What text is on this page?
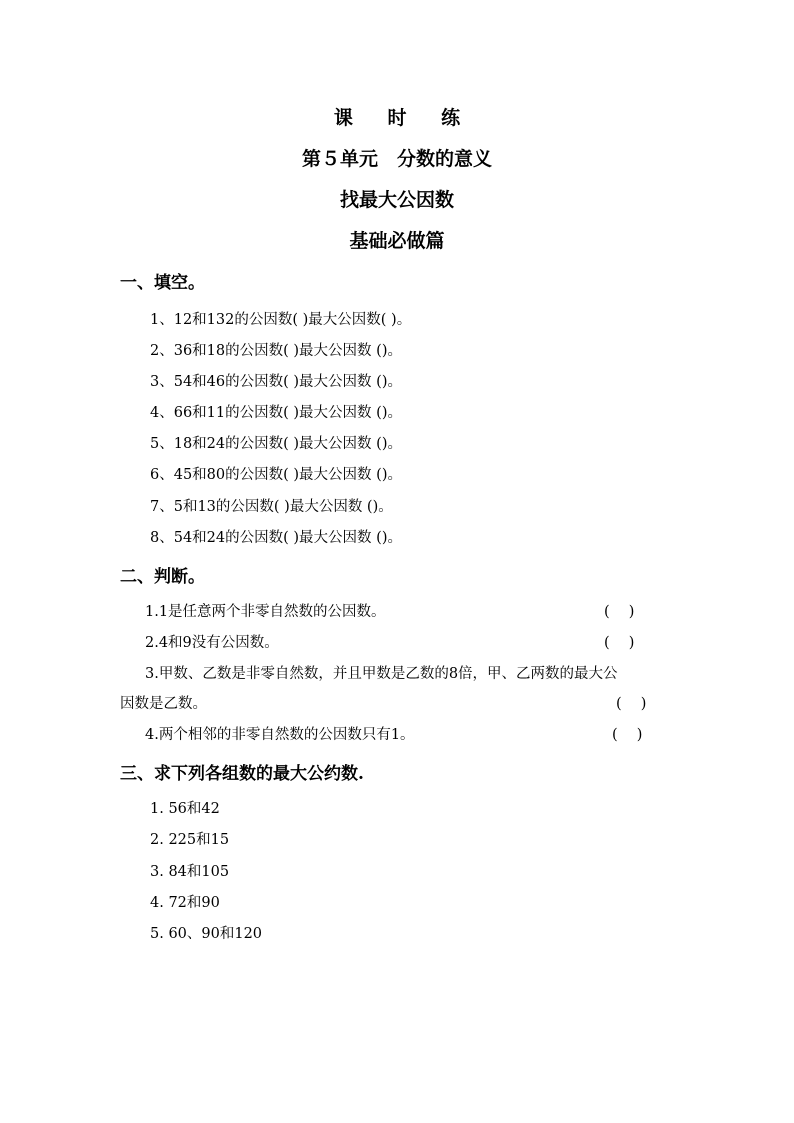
课 时 练
第５单元　分数的意义
找最大公因数
基础必做篇
一、填空。
1、12和132的公因数( )最大公因数( )。
2、36和18的公因数( )最大公因数 ()。
3、54和46的公因数( )最大公因数 ()。
4、66和11的公因数( )最大公因数 ()。
5、18和24的公因数( )最大公因数 ()。
6、45和80的公因数( )最大公因数 ()。
7、5和13的公因数( )最大公因数 ()。
8、54和24的公因数( )最大公因数 ()。
二、判断。
1.1是任意两个非零自然数的公因数。	(　 )
2.4和9没有公因数。	(　 )
3.甲数、乙数是非零自然数，并且甲数是乙数的8倍，甲、乙两数的最大公
因数是乙数。	(　 )
4.两个相邻的非零自然数的公因数只有1。	(　 )
三、求下列各组数的最大公约数.
1. 56和42
2. 225和15
3. 84和105
4. 72和90
5. 60、90和120
